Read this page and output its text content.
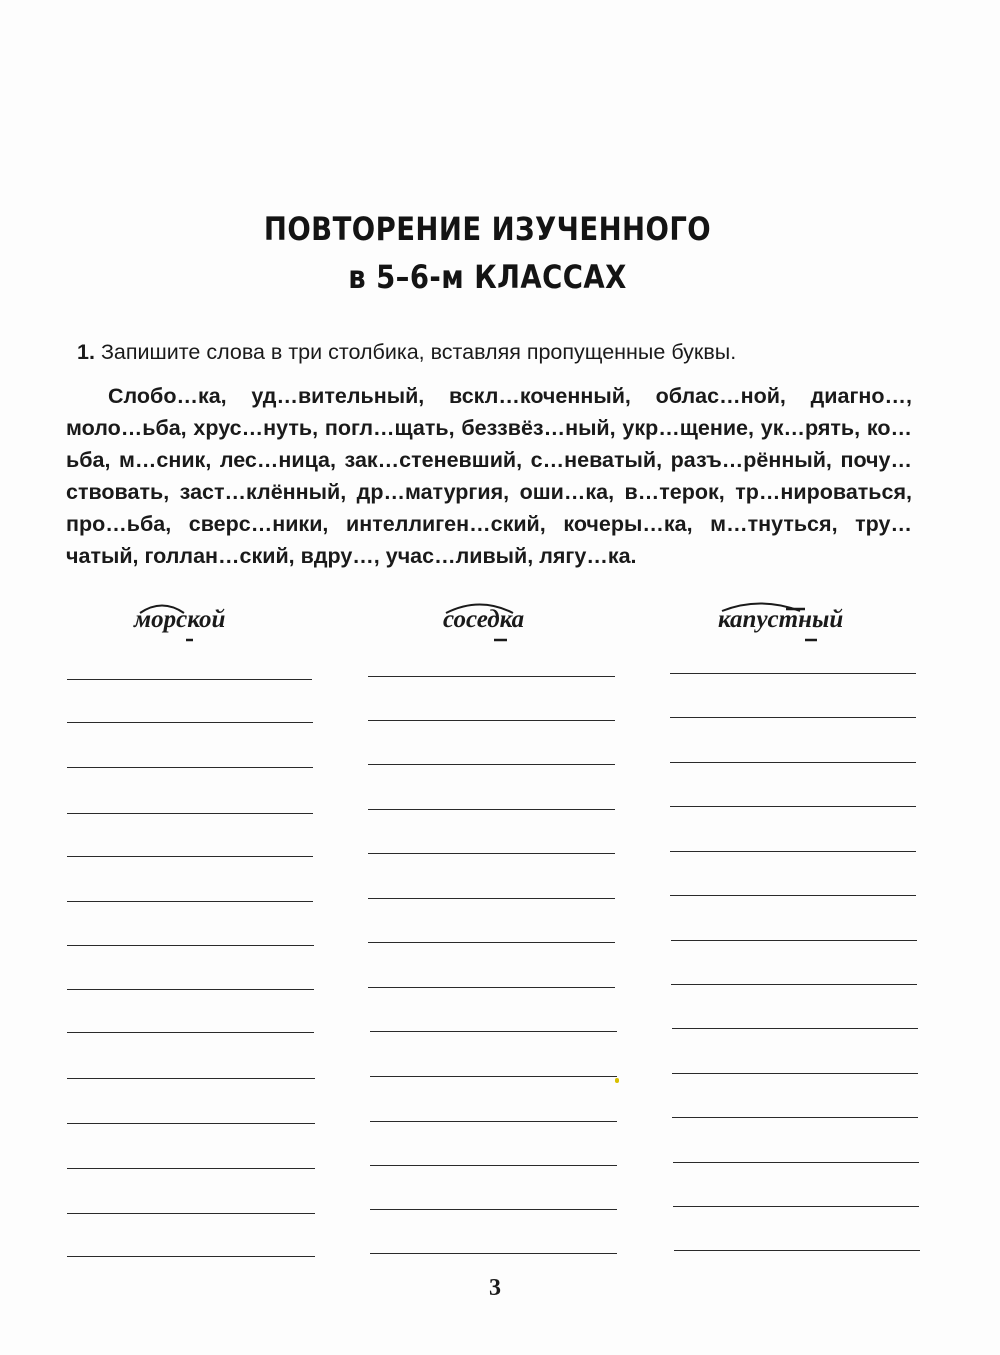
ПОВТОРЕНИЕ ИЗУЧЕННОГО
в 5–6-м КЛАССАХ
1. Запишите слова в три столбика, вставляя пропущенные буквы.
Слобо…ка, уд…вительный, вскл…коченный, облас…ной, диагно…, моло…ьба, хрус…нуть, погл…щать, беззвёз…ный, укр…щение, ук…рять, ко…ьба, м…сник, лес…ница, зак…стеневший, с…неватый, разъ…рённый, почу…ствовать, заст…клённый, др…матургия, оши…ка, в…терок, тр…нироваться, про…ьба, сверс…ники, интеллиген…ский, кочеры…ка, м…тнуться, тру…чатый, голлан…ский, вдру…, учас…ливый, лягу…ка.
морской	соседка	капустный
3
